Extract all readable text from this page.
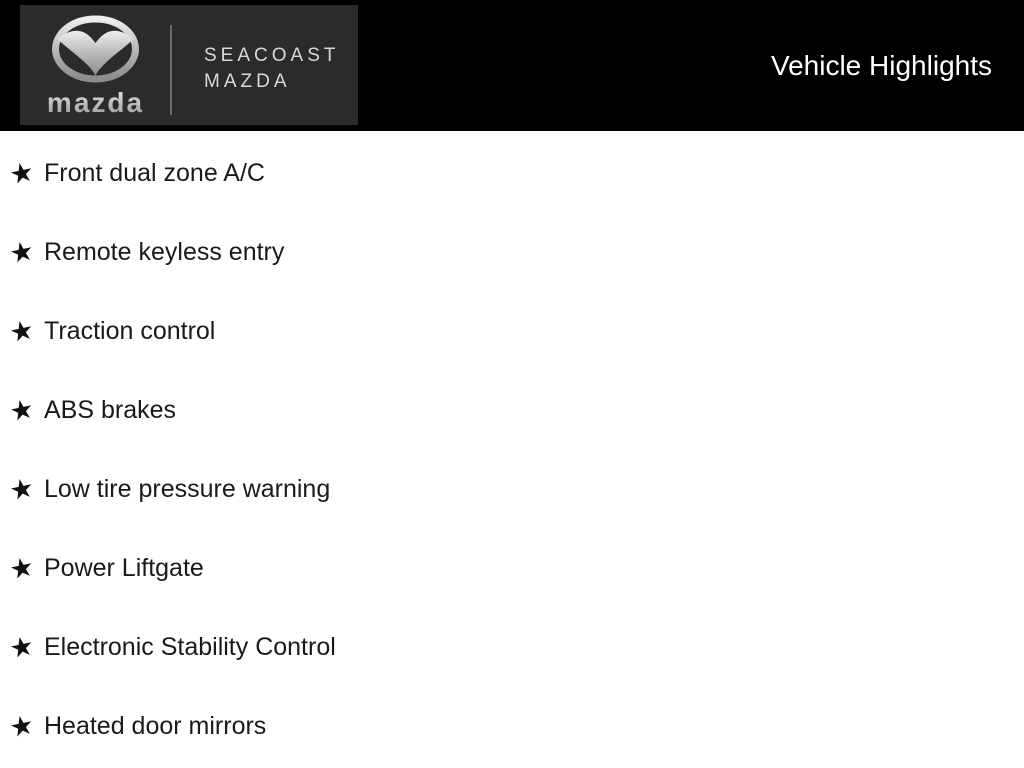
mazda
SEACOAST
MAZDA
Vehicle Highlights
★ Front dual zone A/C
★ Remote keyless entry
★ Traction control
★ ABS brakes
★ Low tire pressure warning
★ Power Liftgate
★ Electronic Stability Control
★ Heated door mirrors
